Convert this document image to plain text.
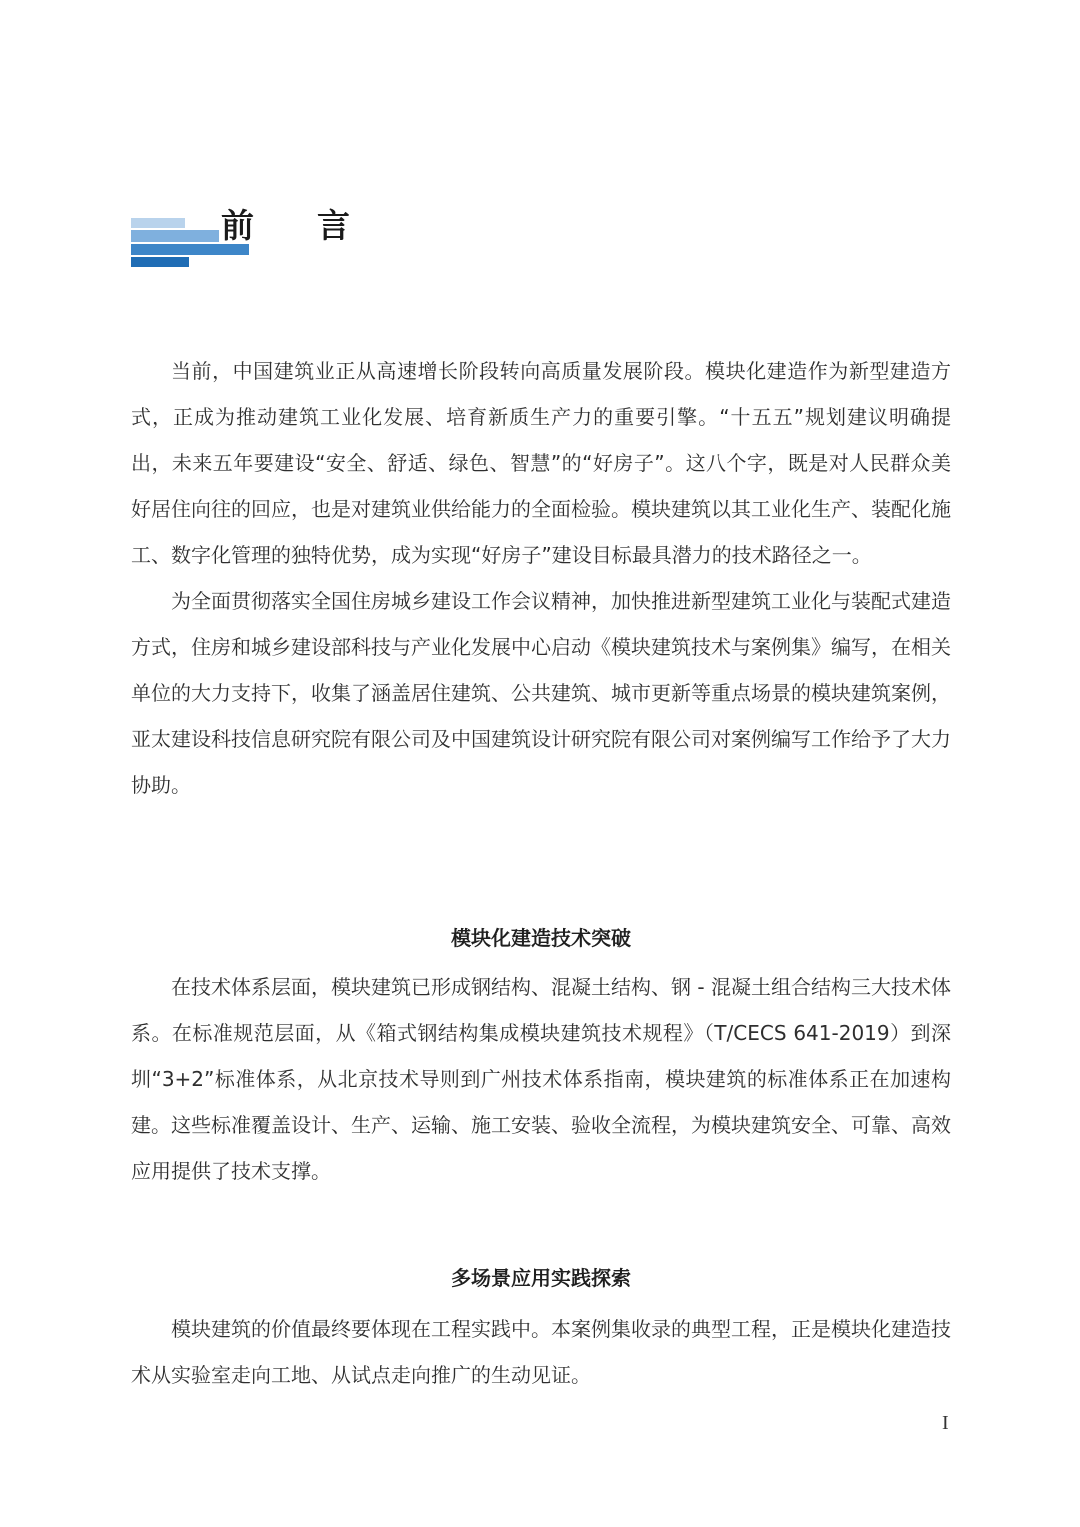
前 言

当前，中国建筑业正从高速增长阶段转向高质量发展阶段。模块化建造作为新型建造方式，正成为推动建筑工业化发展、培育新质生产力的重要引擎。“十五五”规划建议明确提出，未来五年要建设“安全、舒适、绿色、智慧”的“好房子”。这八个字，既是对人民群众美好居住向往的回应，也是对建筑业供给能力的全面检验。模块建筑以其工业化生产、装配化施工、数字化管理的独特优势，成为实现“好房子”建设目标最具潜力的技术路径之一。

为全面贯彻落实全国住房城乡建设工作会议精神，加快推进新型建筑工业化与装配式建造方式，住房和城乡建设部科技与产业化发展中心启动《模块建筑技术与案例集》编写，在相关单位的大力支持下，收集了涵盖居住建筑、公共建筑、城市更新等重点场景的模块建筑案例，亚太建设科技信息研究院有限公司及中国建筑设计研究院有限公司对案例编写工作给予了大力协助。

模块化建造技术突破

在技术体系层面，模块建筑已形成钢结构、混凝土结构、钢 - 混凝土组合结构三大技术体系。在标准规范层面，从《箱式钢结构集成模块建筑技术规程》（T/CECS 641-2019）到深圳“3+2”标准体系，从北京技术导则到广州技术体系指南，模块建筑的标准体系正在加速构建。这些标准覆盖设计、生产、运输、施工安装、验收全流程，为模块建筑安全、可靠、高效应用提供了技术支撑。

多场景应用实践探索

模块建筑的价值最终要体现在工程实践中。本案例集收录的典型工程，正是模块化建造技术从实验室走向工地、从试点走向推广的生动见证。

I
